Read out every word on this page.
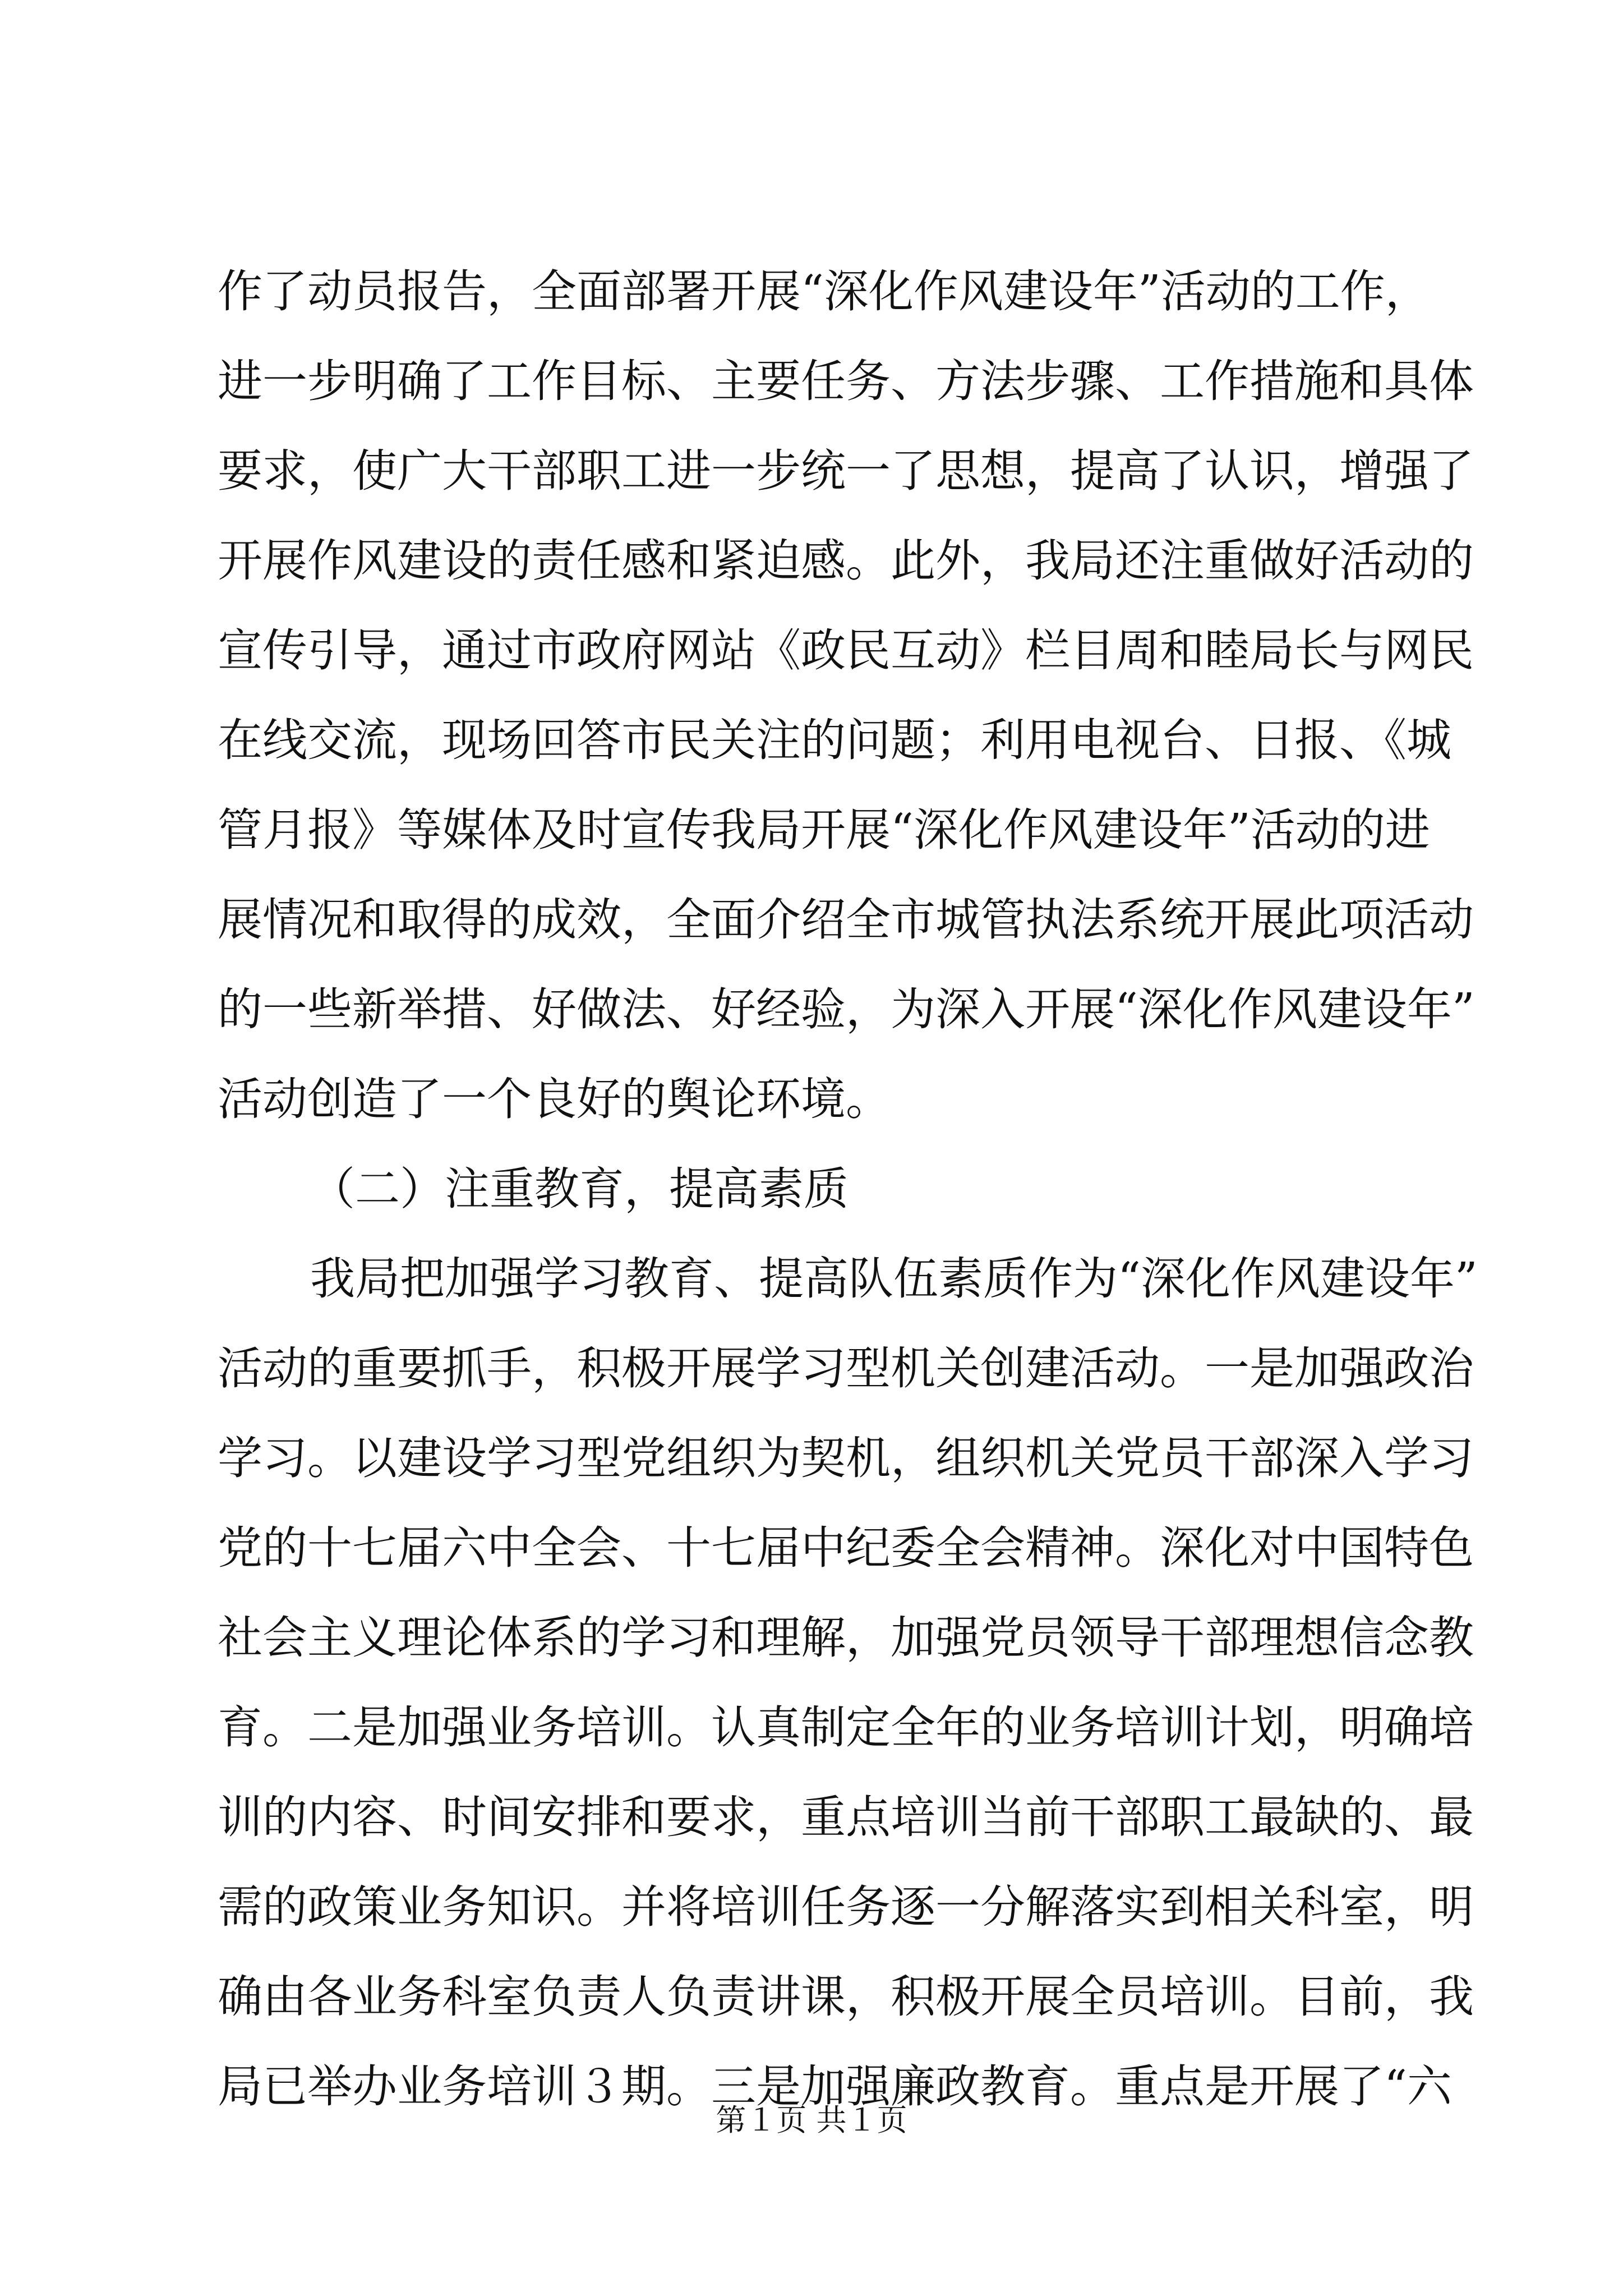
作了动员报告，全面部署开展“深化作风建设年”活动的工作，
进一步明确了工作目标、主要任务、方法步骤、工作措施和具体
要求，使广大干部职工进一步统一了思想，提高了认识，增强了
开展作风建设的责任感和紧迫感。此外，我局还注重做好活动的
宣传引导，通过市政府网站《政民互动》栏目周和睦局长与网民
在线交流，现场回答市民关注的问题；利用电视台、日报、《城
管月报》等媒体及时宣传我局开展“深化作风建设年”活动的进
展情况和取得的成效，全面介绍全市城管执法系统开展此项活动
的一些新举措、好做法、好经验，为深入开展“深化作风建设年”
活动创造了一个良好的舆论环境。
（二）注重教育，提高素质
我局把加强学习教育、提高队伍素质作为“深化作风建设年”
活动的重要抓手，积极开展学习型机关创建活动。一是加强政治
学习。以建设学习型党组织为契机，组织机关党员干部深入学习
党的十七届六中全会、十七届中纪委全会精神。深化对中国特色
社会主义理论体系的学习和理解，加强党员领导干部理想信念教
育。二是加强业务培训。认真制定全年的业务培训计划，明确培
训的内容、时间安排和要求，重点培训当前干部职工最缺的、最
需的政策业务知识。并将培训任务逐一分解落实到相关科室，明
确由各业务科室负责人负责讲课，积极开展全员培训。目前，我
局已举办业务培训３期。三是加强廉政教育。重点是开展了“六
第１页 共１页
